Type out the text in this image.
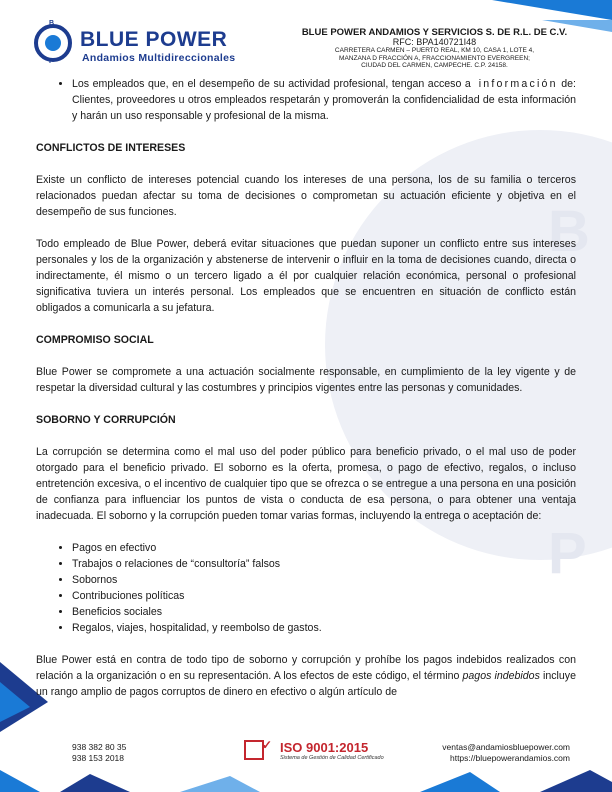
B
P
B
P
BLUE POWER
Andamios Multidireccionales
BLUE POWER ANDAMIOS Y SERVICIOS S. DE R.L. DE C.V.
RFC: BPA140721I48
CARRETERA CARMEN – PUERTO REAL, KM 10, CASA 1, LOTE 4,
MANZANA D FRACCIÓN A, FRACCIONAMIENTO EVERGREEN;
CIUDAD DEL CARMEN, CAMPECHE. C.P. 24158.
• Los empleados que, en el desempeño de su actividad profesional, tengan acceso a información de: Clientes, proveedores u otros empleados respetarán y promoverán la confidencialidad de esta información y harán un uso responsable y profesional de la misma.

CONFLICTOS DE INTERESES

Existe un conflicto de intereses potencial cuando los intereses de una persona, los de su familia o terceros relacionados puedan afectar su toma de decisiones o comprometan su actuación eficiente y objetiva en el desempeño de sus funciones.

Todo empleado de Blue Power, deberá evitar situaciones que puedan suponer un conflicto entre sus intereses personales y los de la organización y abstenerse de intervenir o influir en la toma de decisiones cuando, directa o indirectamente, él mismo o un tercero ligado a él por cualquier relación económica, personal o profesional significativa tuviera un interés personal. Los empleados que se encuentren en situación de conflicto están obligados a comunicarla a su jefatura.

COMPROMISO SOCIAL

Blue Power se compromete a una actuación socialmente responsable, en cumplimiento de la ley vigente y de respetar la diversidad cultural y las costumbres y principios vigentes entre las personas y comunidades.

SOBORNO Y CORRUPCIÓN

La corrupción se determina como el mal uso del poder público para beneficio privado, o el mal uso de poder otorgado para el beneficio privado. El soborno es la oferta, promesa, o pago de efectivo, regalos, o incluso entretención excesiva, o el incentivo de cualquier tipo que se ofrezca o se entregue a una persona en una posición de confianza para influenciar los puntos de vista o conducta de esa persona, o para obtener una ventaja inadecuada. El soborno y la corrupción pueden tomar varias formas, incluyendo la entrega o aceptación de:

• Pagos en efectivo
• Trabajos o relaciones de “consultoría” falsos
• Sobornos
• Contribuciones políticas
• Beneficios sociales
• Regalos, viajes, hospitalidad, y reembolso de gastos.

Blue Power está en contra de todo tipo de soborno y corrupción y prohíbe los pagos indebidos realizados con relación a la organización o en su representación. A los efectos de este código, el término pagos indebidos incluye un rango amplio de pagos corruptos de dinero en efectivo o algún artículo de

938 382 80 35
938 153 2018
✓ ISO 9001:2015
Sistema de Gestión de Calidad Certificado
ventas@andamiosbluepower.com
https://bluepowerandamios.com
